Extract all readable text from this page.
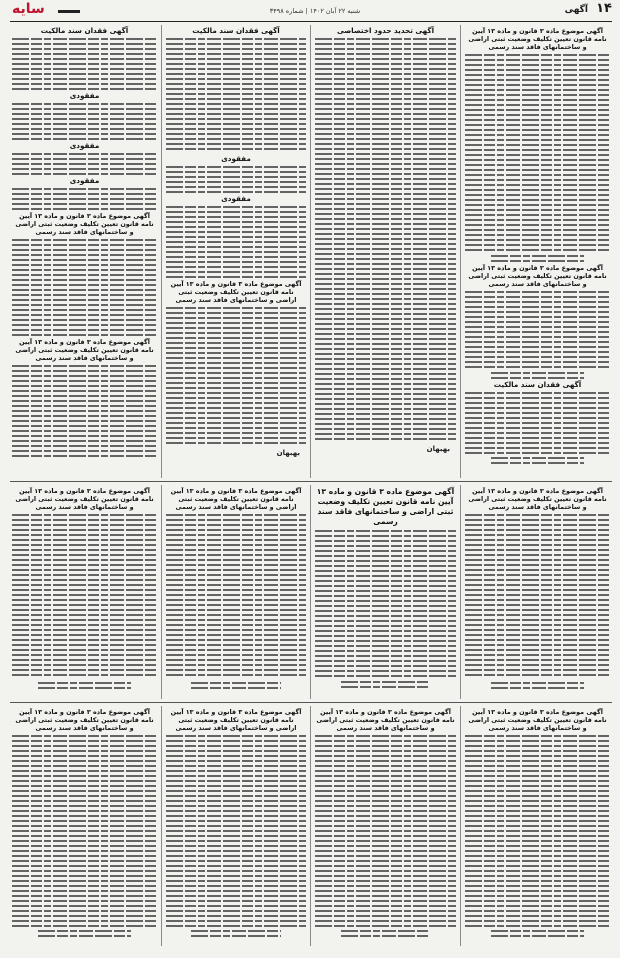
۱۴
آگهی
شنبه ۲۲ آبان ۱۴۰۲ | شماره ۳۴۹۸
سایه
آگهی موضوع ماده ۳ قانون و ماده ۱۳ آیین نامه قانون تعیین تکلیف وضعیت ثبتی اراضی و ساختمانهای فاقد سند رسمی
آگهی موضوع ماده ۳ قانون و ماده ۱۳ آیین نامه قانون تعیین تکلیف وضعیت ثبتی اراضی و ساختمانهای فاقد سند رسمی
آگهی فقدان سند مالکیت
آگهی تحدید حدود اختصاصی
بهبهان
آگهی فقدان سند مالکیت
مفقودی
مفقودی
آگهی موضوع ماده ۳ قانون و ماده ۱۳ آیین نامه قانون تعیین تکلیف وضعیت ثبتی اراضی و ساختمانهای فاقد سند رسمی
بهبهان
آگهی فقدان سند مالکیت
مفقودی
مفقودی
مفقودی
آگهی موضوع ماده ۳ قانون و ماده ۱۳ آیین نامه قانون تعیین تکلیف وضعیت ثبتی اراضی و ساختمانهای فاقد سند رسمی
آگهی موضوع ماده ۳ قانون و ماده ۱۳ آیین نامه قانون تعیین تکلیف وضعیت ثبتی اراضی و ساختمانهای فاقد سند رسمی
آگهی موضوع ماده ۳ قانون و ماده ۱۳ آیین نامه قانون تعیین تکلیف وضعیت ثبتی اراضی و ساختمانهای فاقد سند رسمی
آگهی موضوع ماده ۳ قانون و ماده ۱۳ آیین نامه قانون تعیین تکلیف وضعیت ثبتی اراضی و ساختمانهای فاقد سند رسمی
آگهی موضوع ماده ۳ قانون و ماده ۱۳ آیین نامه قانون تعیین تکلیف وضعیت ثبتی اراضی و ساختمانهای فاقد سند رسمی
آگهی موضوع ماده ۳ قانون و ماده ۱۳ آیین نامه قانون تعیین تکلیف وضعیت ثبتی اراضی و ساختمانهای فاقد سند رسمی
آگهی موضوع ماده ۳ قانون و ماده ۱۳ آیین نامه قانون تعیین تکلیف وضعیت ثبتی اراضی و ساختمانهای فاقد سند رسمی
آگهی موضوع ماده ۳ قانون و ماده ۱۳ آیین نامه قانون تعیین تکلیف وضعیت ثبتی اراضی و ساختمانهای فاقد سند رسمی
آگهی موضوع ماده ۳ قانون و ماده ۱۳ آیین نامه قانون تعیین تکلیف وضعیت ثبتی اراضی و ساختمانهای فاقد سند رسمی
آگهی موضوع ماده ۳ قانون و ماده ۱۳ آیین نامه قانون تعیین تکلیف وضعیت ثبتی اراضی و ساختمانهای فاقد سند رسمی
